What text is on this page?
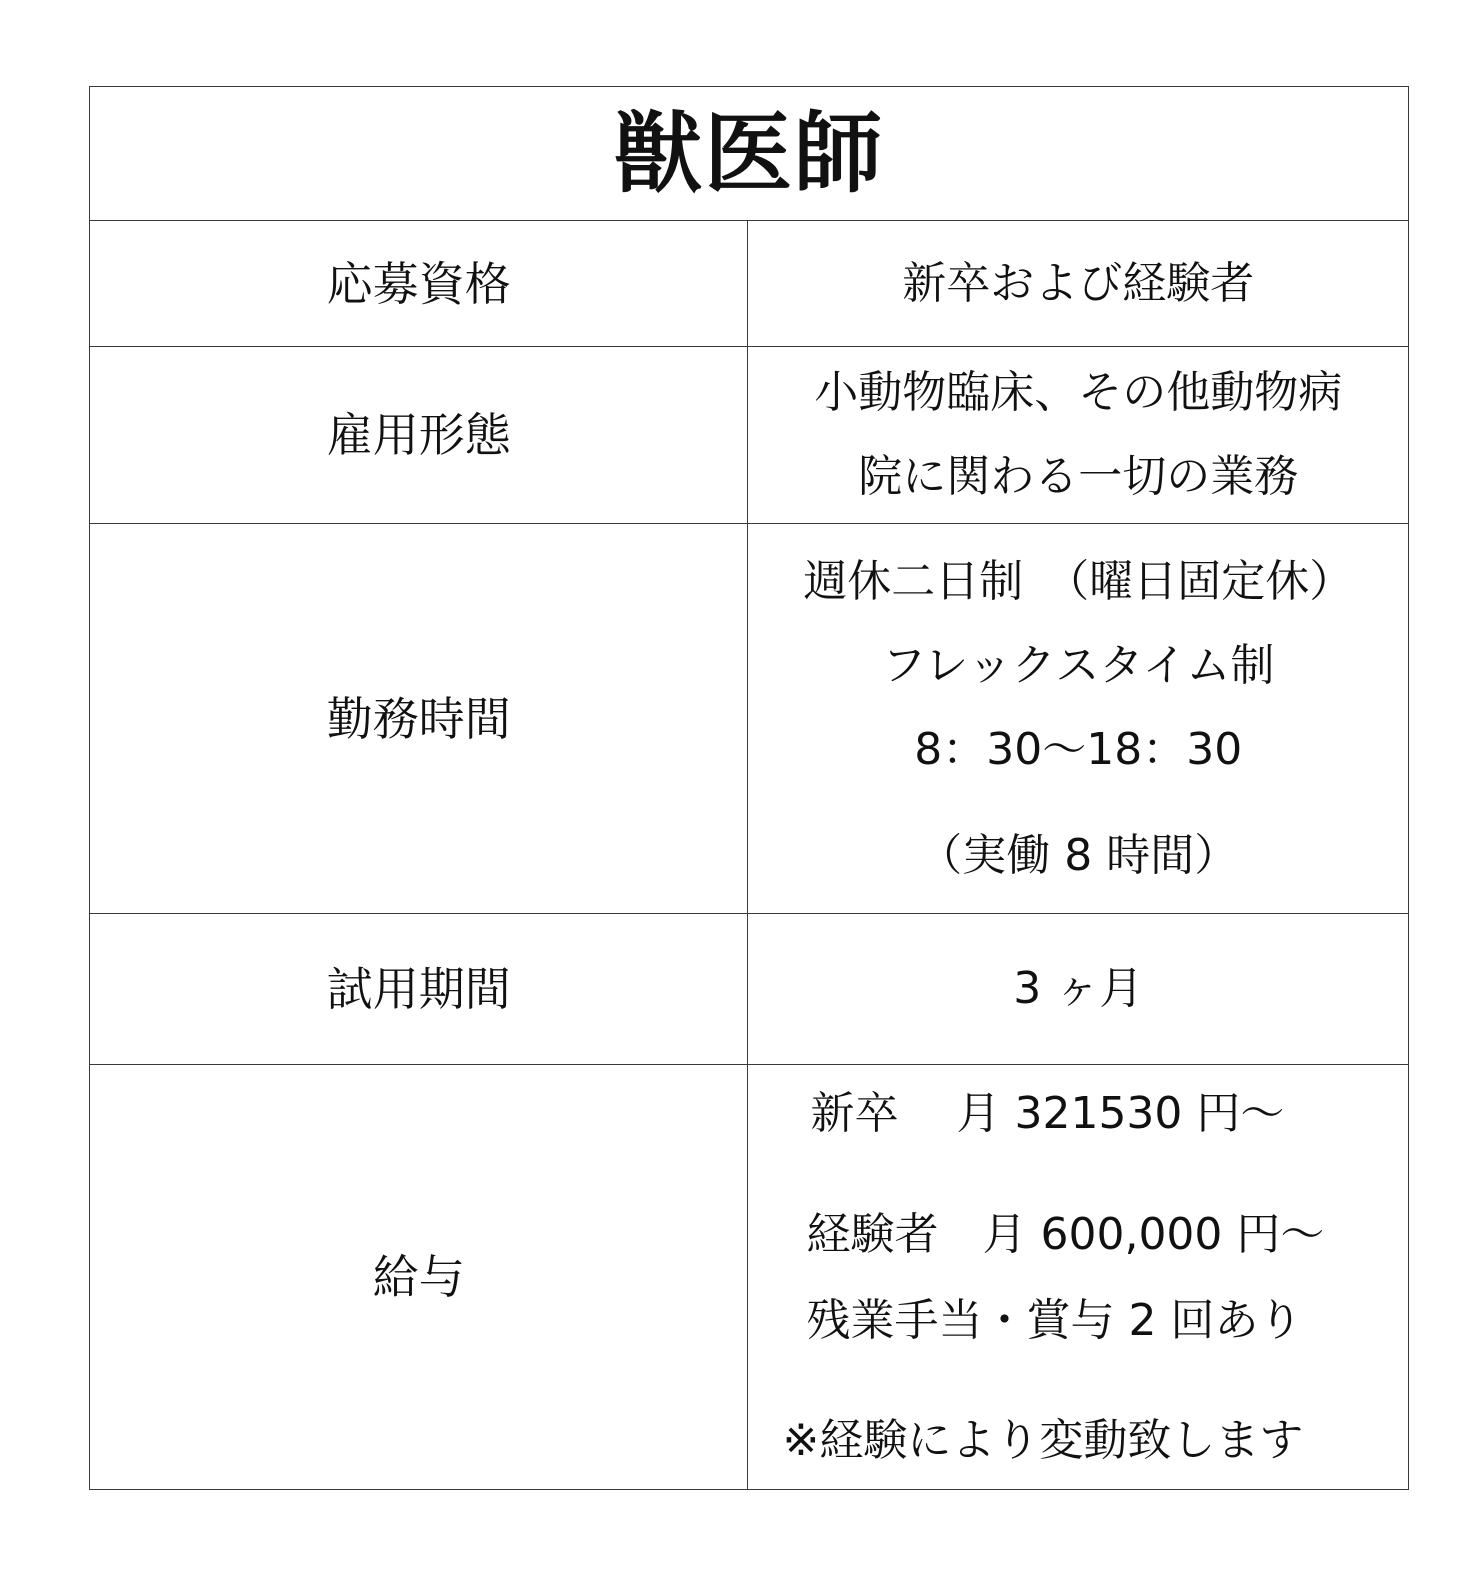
獣医師	
応募資格	新卒および経験者

雇用形態	小動物臨床、その他動物病
院に関わる一切の業務

勤務時間	週休二日制　（曜日固定休）
フレックスタイム制
8：30～18：30
（実働 8 時間）

試用期間	3 ヶ月

給与	新卒　 月 321530 円～
経験者　月 600,000 円～
残業手当・賞与 2 回あり
※経験により変動致します
